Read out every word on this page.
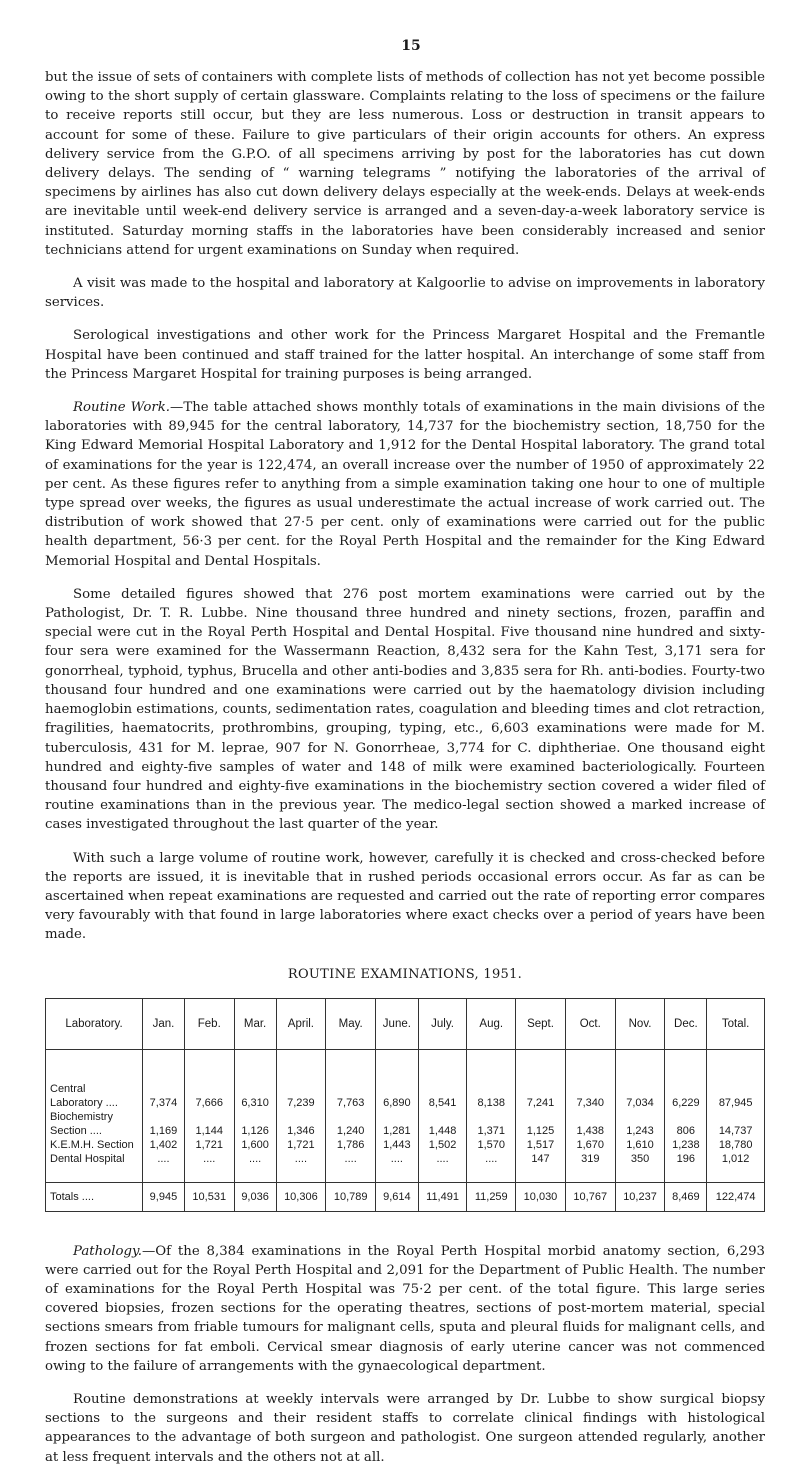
15

but the issue of sets of containers with complete lists of methods of collection has not yet become possible owing to the short supply of certain glassware. Complaints relating to the loss of specimens or the failure to receive reports still occur, but they are less numerous. Loss or destruction in transit appears to account for some of these. Failure to give particulars of their origin accounts for others. An express delivery service from the G.P.O. of all specimens arriving by post for the laboratories has cut down delivery delays. The sending of “ warning telegrams ” notifying the laboratories of the arrival of specimens by airlines has also cut down delivery delays especially at the week-ends. Delays at week-ends are inevitable until week-end delivery service is arranged and a seven-day-a-week laboratory service is instituted. Saturday morning staffs in the laboratories have been considerably increased and senior technicians attend for urgent examinations on Sunday when required.

A visit was made to the hospital and laboratory at Kalgoorlie to advise on improvements in laboratory services.

Serological investigations and other work for the Princess Margaret Hospital and the Fremantle Hospital have been continued and staff trained for the latter hospital. An interchange of some staff from the Princess Margaret Hospital for training purposes is being arranged.

Routine Work.—The table attached shows monthly totals of examinations in the main divisions of the laboratories with 89,945 for the central laboratory, 14,737 for the biochemistry section, 18,750 for the King Edward Memorial Hospital Laboratory and 1,912 for the Dental Hospital laboratory. The grand total of examinations for the year is 122,474, an overall increase over the number of 1950 of approximately 22 per cent. As these figures refer to anything from a simple examination taking one hour to one of multiple type spread over weeks, the figures as usual underestimate the actual increase of work carried out. The distribution of work showed that 27·5 per cent. only of examinations were carried out for the public health department, 56·3 per cent. for the Royal Perth Hospital and the remainder for the King Edward Memorial Hospital and Dental Hospitals.

Some detailed figures showed that 276 post mortem examinations were carried out by the Pathologist, Dr. T. R. Lubbe. Nine thousand three hundred and ninety sections, frozen, paraffin and special were cut in the Royal Perth Hospital and Dental Hospital. Five thousand nine hundred and sixty-four sera were examined for the Wassermann Reaction, 8,432 sera for the Kahn Test, 3,171 sera for gonorrheal, typhoid, typhus, Brucella and other anti-bodies and 3,835 sera for Rh. anti-bodies. Fourty-two thousand four hundred and one examinations were carried out by the haematology division including haemoglobin estimations, counts, sedimentation rates, coagulation and bleeding times and clot retraction, fragilities, haematocrits, prothrombins, grouping, typing, etc., 6,603 examinations were made for M. tuberculosis, 431 for M. leprae, 907 for N. Gonorrheae, 3,774 for C. diphtheriae. One thousand eight hundred and eighty-five samples of water and 148 of milk were examined bacteriologically. Fourteen thousand four hundred and eighty-five examinations in the biochemistry section covered a wider filed of routine examinations than in the previous year. The medico-legal section showed a marked increase of cases investigated throughout the last quarter of the year.

With such a large volume of routine work, however, carefully it is checked and cross-checked before the reports are issued, it is inevitable that in rushed periods occasional errors occur. As far as can be ascertained when repeat examinations are requested and carried out the rate of reporting error compares very favourably with that found in large laboratories where exact checks over a period of years have been made.

ROUTINE EXAMINATIONS, 1951.
Laboratory.	Jan.	Feb.	Mar.	April.	May.	June.	July.	Aug.	Sept.	Oct.	Nov.	Dec.	Total.
Central Laboratory ....	7,374	7,666	6,310	7,239	7,763	6,890	8,541	8,138	7,241	7,340	7,034	6,229	87,945
Biochemistry Section ....	1,169	1,144	1,126	1,346	1,240	1,281	1,448	1,371	1,125	1,438	1,243	806	14,737
K.E.M.H. Section	1,402	1,721	1,600	1,721	1,786	1,443	1,502	1,570	1,517	1,670	1,610	1,238	18,780
Dental Hospital	....	....	....	....	....	....	....	....	147	319	350	196	1,012
Totals ....	9,945	10,531	9,036	10,306	10,789	9,614	11,491	11,259	10,030	10,767	10,237	8,469	122,474

Pathology.—Of the 8,384 examinations in the Royal Perth Hospital morbid anatomy section, 6,293 were carried out for the Royal Perth Hospital and 2,091 for the Department of Public Health. The number of examinations for the Royal Perth Hospital was 75·2 per cent. of the total figure. This large series covered biopsies, frozen sections for the operating theatres, sections of post-mortem material, special sections smears from friable tumours for malignant cells, sputa and pleural fluids for malignant cells, and frozen sections for fat emboli. Cervical smear diagnosis of early uterine cancer was not commenced owing to the failure of arrangements with the gynaecological department.

Routine demonstrations at weekly intervals were arranged by Dr. Lubbe to show surgical biopsy sections to the surgeons and their resident staffs to correlate clinical findings with histological appearances to the advantage of both surgeon and pathologist. One surgeon attended regularly, another at less frequent intervals and the others not at all.
